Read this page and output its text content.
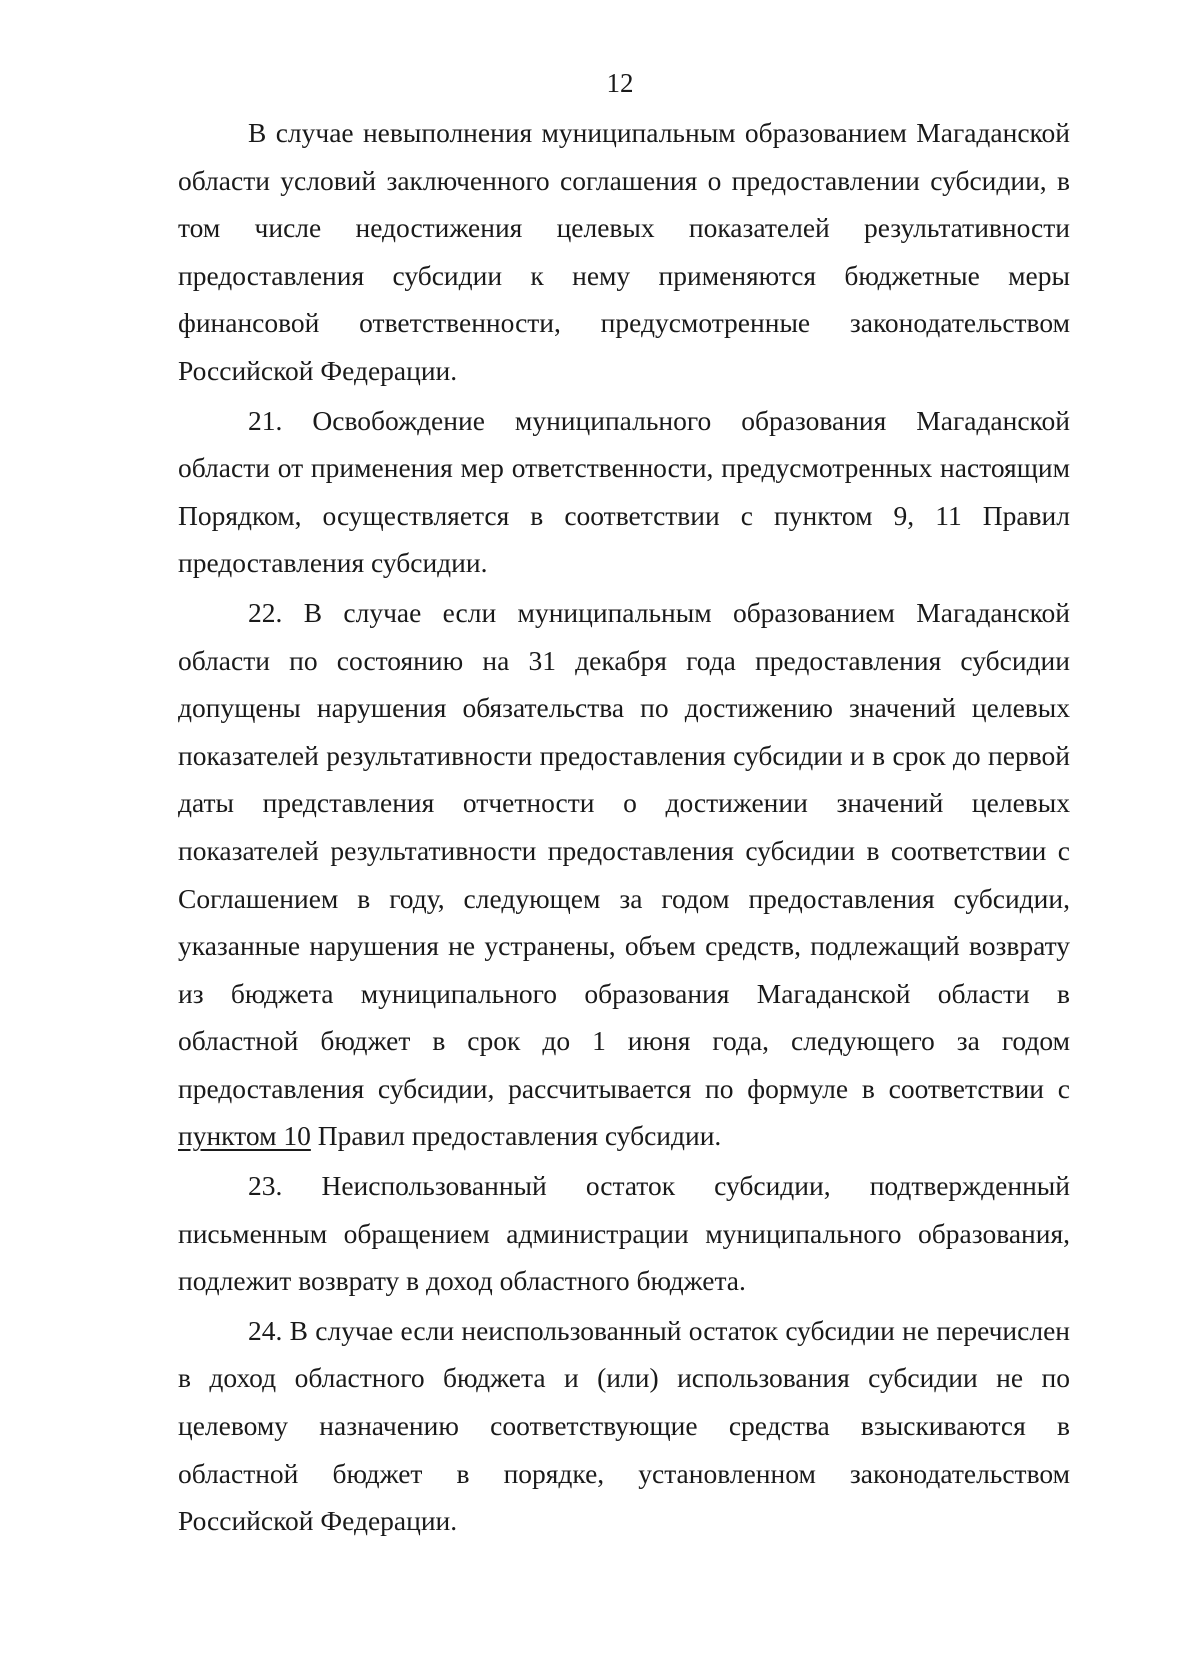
12

В случае невыполнения муниципальным образованием Магаданской области условий заключенного соглашения о предоставлении субсидии, в том числе недостижения целевых показателей результативности предоставления субсидии к нему применяются бюджетные меры финансовой ответственности, предусмотренные законодательством Российской Федерации.

21. Освобождение муниципального образования Магаданской области от применения мер ответственности, предусмотренных настоящим Порядком, осуществляется в соответствии с пунктом 9, 11 Правил предоставления субсидии.

22. В случае если муниципальным образованием Магаданской области по состоянию на 31 декабря года предоставления субсидии допущены нарушения обязательства по достижению значений целевых показателей результативности предоставления субсидии и в срок до первой даты представления отчетности о достижении значений целевых показателей результативности предоставления субсидии в соответствии с Соглашением в году, следующем за годом предоставления субсидии, указанные нарушения не устранены, объем средств, подлежащий возврату из бюджета муниципального образования Магаданской области в областной бюджет в срок до 1 июня года, следующего за годом предоставления субсидии, рассчитывается по формуле в соответствии с пунктом 10 Правил предоставления субсидии.

23. Неиспользованный остаток субсидии, подтвержденный письменным обращением администрации муниципального образования, подлежит возврату в доход областного бюджета.

24. В случае если неиспользованный остаток субсидии не перечислен в доход областного бюджета и (или) использования субсидии не по целевому назначению соответствующие средства взыскиваются в областной бюджет в порядке, установленном законодательством Российской Федерации.
